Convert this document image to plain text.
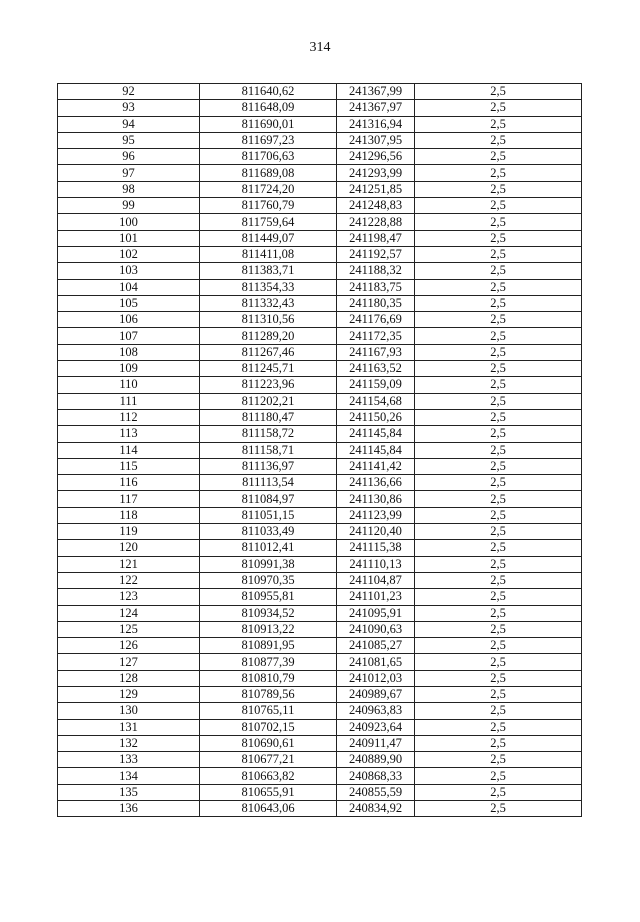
314
92	811640,62	241367,99	2,5
93	811648,09	241367,97	2,5
94	811690,01	241316,94	2,5
95	811697,23	241307,95	2,5
96	811706,63	241296,56	2,5
97	811689,08	241293,99	2,5
98	811724,20	241251,85	2,5
99	811760,79	241248,83	2,5
100	811759,64	241228,88	2,5
101	811449,07	241198,47	2,5
102	811411,08	241192,57	2,5
103	811383,71	241188,32	2,5
104	811354,33	241183,75	2,5
105	811332,43	241180,35	2,5
106	811310,56	241176,69	2,5
107	811289,20	241172,35	2,5
108	811267,46	241167,93	2,5
109	811245,71	241163,52	2,5
110	811223,96	241159,09	2,5
111	811202,21	241154,68	2,5
112	811180,47	241150,26	2,5
113	811158,72	241145,84	2,5
114	811158,71	241145,84	2,5
115	811136,97	241141,42	2,5
116	811113,54	241136,66	2,5
117	811084,97	241130,86	2,5
118	811051,15	241123,99	2,5
119	811033,49	241120,40	2,5
120	811012,41	241115,38	2,5
121	810991,38	241110,13	2,5
122	810970,35	241104,87	2,5
123	810955,81	241101,23	2,5
124	810934,52	241095,91	2,5
125	810913,22	241090,63	2,5
126	810891,95	241085,27	2,5
127	810877,39	241081,65	2,5
128	810810,79	241012,03	2,5
129	810789,56	240989,67	2,5
130	810765,11	240963,83	2,5
131	810702,15	240923,64	2,5
132	810690,61	240911,47	2,5
133	810677,21	240889,90	2,5
134	810663,82	240868,33	2,5
135	810655,91	240855,59	2,5
136	810643,06	240834,92	2,5
